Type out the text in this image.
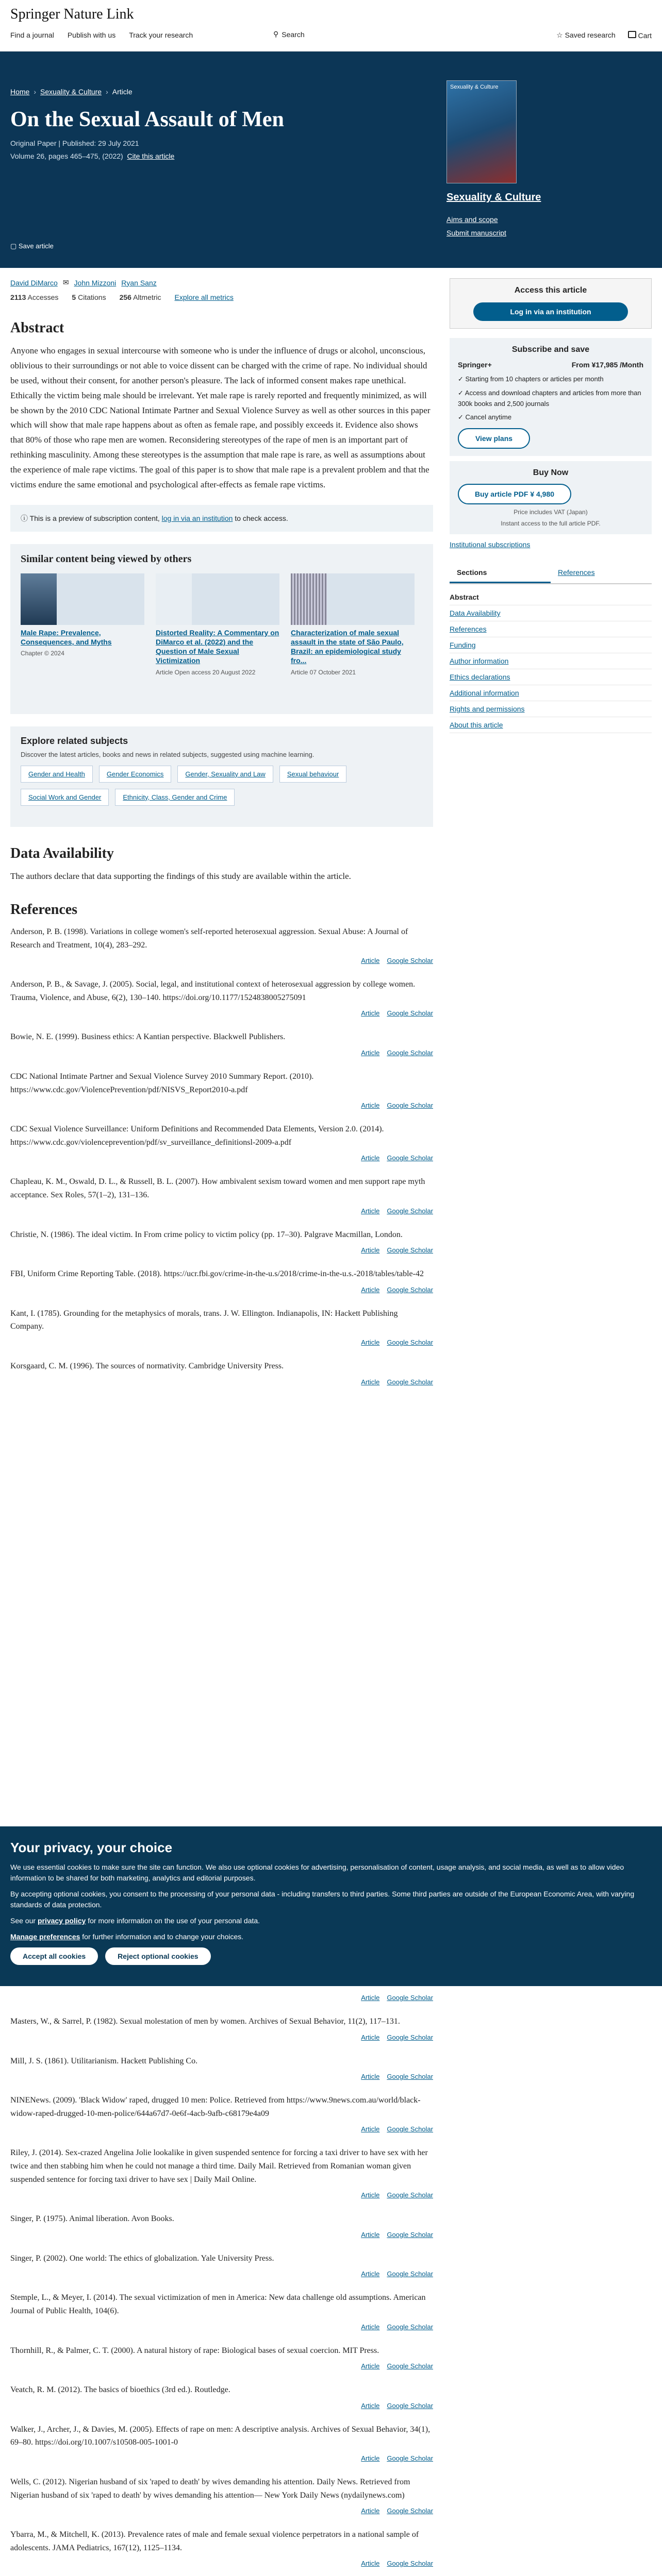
Springer Nature Link
Find a journal Publish with us Track your research	⚲ Search	☆ Saved research	Cart
Home › Sexuality & Culture › Article
On the Sexual Assault of Men
Original Paper | Published: 29 July 2021
Volume 26, pages 465–475, (2022) Cite this article
Sexuality & Culture
Sexuality & Culture
Aims and scope
Submit manuscript
▢ Save article
David DiMarco ✉ John Mizzoni Ryan Sanz
2113 Accesses 5 Citations 256 Altmetric Explore all metrics
Abstract

Anyone who engages in sexual intercourse with someone who is under the influence of drugs or alcohol, unconscious, oblivious to their surroundings or not able to voice dissent can be charged with the crime of rape. No individual should be used, without their consent, for another person's pleasure. The lack of informed consent makes rape unethical. Ethically the victim being male should be irrelevant. Yet male rape is rarely reported and frequently minimized, as will be shown by the 2010 CDC National Intimate Partner and Sexual Violence Survey as well as other sources in this paper which will show that male rape happens about as often as female rape, and possibly exceeds it. Evidence also shows that 80% of those who rape men are women. Reconsidering stereotypes of the rape of men is an important part of rethinking masculinity. Among these stereotypes is the assumption that male rape is rare, as well as assumptions about the experience of male rape victims. The goal of this paper is to show that male rape is a prevalent problem and that the victims endure the same emotional and psychological after-effects as female rape victims.

ⓘ This is a preview of subscription content, log in via an institution to check access.
Similar content being viewed by others
Male Rape: Prevalence, Consequences, and Myths
Chapter © 2024
Distorted Reality: A Commentary on DiMarco et al. (2022) and the Question of Male Sexual Victimization
Article Open access 20 August 2022
Characterization of male sexual assault in the state of São Paulo, Brazil: an epidemiological study fro...
Article 07 October 2021
Explore related subjects

Discover the latest articles, books and news in related subjects, suggested using machine learning.

Gender and Health	Gender Economics	Gender, Sexuality and Law	Sexual behaviour
Social Work and Gender	Ethnicity, Class, Gender and Crime
Data Availability

The authors declare that data supporting the findings of this study are available within the article.

References

Anderson, P. B. (1998). Variations in college women's self-reported heterosexual aggression. Sexual Abuse: A Journal of Research and Treatment, 10(4), 283–292.

Article Google Scholar

Anderson, P. B., & Savage, J. (2005). Social, legal, and institutional context of heterosexual aggression by college women. Trauma, Violence, and Abuse, 6(2), 130–140. https://doi.org/10.1177/1524838005275091

Article Google Scholar

Bowie, N. E. (1999). Business ethics: A Kantian perspective. Blackwell Publishers.

Article Google Scholar

CDC National Intimate Partner and Sexual Violence Survey 2010 Summary Report. (2010). https://www.cdc.gov/ViolencePrevention/pdf/NISVS_Report2010-a.pdf

Article Google Scholar

CDC Sexual Violence Surveillance: Uniform Definitions and Recommended Data Elements, Version 2.0. (2014). https://www.cdc.gov/violenceprevention/pdf/sv_surveillance_definitionsl-2009-a.pdf

Article Google Scholar

Chapleau, K. M., Oswald, D. L., & Russell, B. L. (2007). How ambivalent sexism toward women and men support rape myth acceptance. Sex Roles, 57(1–2), 131–136.

Article Google Scholar

Christie, N. (1986). The ideal victim. In From crime policy to victim policy (pp. 17–30). Palgrave Macmillan, London.

Article Google Scholar

FBI, Uniform Crime Reporting Table. (2018). https://ucr.fbi.gov/crime-in-the-u.s/2018/crime-in-the-u.s.-2018/tables/table-42

Article Google Scholar

Kant, I. (1785). Grounding for the metaphysics of morals, trans. J. W. Ellington. Indianapolis, IN: Hackett Publishing Company.

Article Google Scholar

Korsgaard, C. M. (1996). The sources of normativity. Cambridge University Press.

Article Google Scholar
Access this article
Log in via an institution
Subscribe and save
Springer+	From ¥17,985 /Month
✓ Starting from 10 chapters or articles per month
✓ Access and download chapters and articles from more than 300k books and 2,500 journals
✓ Cancel anytime
View plans
Buy Now
Buy article PDF ¥ 4,980
Price includes VAT (Japan)
Instant access to the full article PDF.
Institutional subscriptions
Sections	References
Abstract
Data Availability
References
Funding
Author information
Ethics declarations
Additional information
Rights and permissions
About this article
Your privacy, your choice

We use essential cookies to make sure the site can function. We also use optional cookies for advertising, personalisation of content, usage analysis, and social media, as well as to allow video information to be shared for both marketing, analytics and editorial purposes.

By accepting optional cookies, you consent to the processing of your personal data - including transfers to third parties. Some third parties are outside of the European Economic Area, with varying standards of data protection.

See our privacy policy for more information on the use of your personal data.

Manage preferences for further information and to change your choices.

Accept all cookies	Reject optional cookies
Article Google Scholar

Masters, W., & Sarrel, P. (1982). Sexual molestation of men by women. Archives of Sexual Behavior, 11(2), 117–131.

Article Google Scholar

Mill, J. S. (1861). Utilitarianism. Hackett Publishing Co.

Article Google Scholar

NINENews. (2009). 'Black Widow' raped, drugged 10 men: Police. Retrieved from https://www.9news.com.au/world/black-widow-raped-drugged-10-men-police/644a67d7-0e6f-4acb-9afb-c68179e4a09

Article Google Scholar

Riley, J. (2014). Sex-crazed Angelina Jolie lookalike in given suspended sentence for forcing a taxi driver to have sex with her twice and then stabbing him when he could not manage a third time. Daily Mail. Retrieved from Romanian woman given suspended sentence for forcing taxi driver to have sex | Daily Mail Online.

Article Google Scholar

Singer, P. (1975). Animal liberation. Avon Books.

Article Google Scholar

Singer, P. (2002). One world: The ethics of globalization. Yale University Press.

Article Google Scholar

Stemple, L., & Meyer, I. (2014). The sexual victimization of men in America: New data challenge old assumptions. American Journal of Public Health, 104(6).

Article Google Scholar

Thornhill, R., & Palmer, C. T. (2000). A natural history of rape: Biological bases of sexual coercion. MIT Press.

Article Google Scholar

Veatch, R. M. (2012). The basics of bioethics (3rd ed.). Routledge.

Article Google Scholar

Walker, J., Archer, J., & Davies, M. (2005). Effects of rape on men: A descriptive analysis. Archives of Sexual Behavior, 34(1), 69–80. https://doi.org/10.1007/s10508-005-1001-0

Article Google Scholar

Wells, C. (2012). Nigerian husband of six 'raped to death' by wives demanding his attention. Daily News. Retrieved from Nigerian husband of six 'raped to death' by wives demanding his attention— New York Daily News (nydailynews.com)

Article Google Scholar

Ybarra, M., & Mitchell, K. (2013). Prevalence rates of male and female sexual violence perpetrators in a national sample of adolescents. JAMA Pediatrics, 167(12), 1125–1134.

Article Google Scholar
